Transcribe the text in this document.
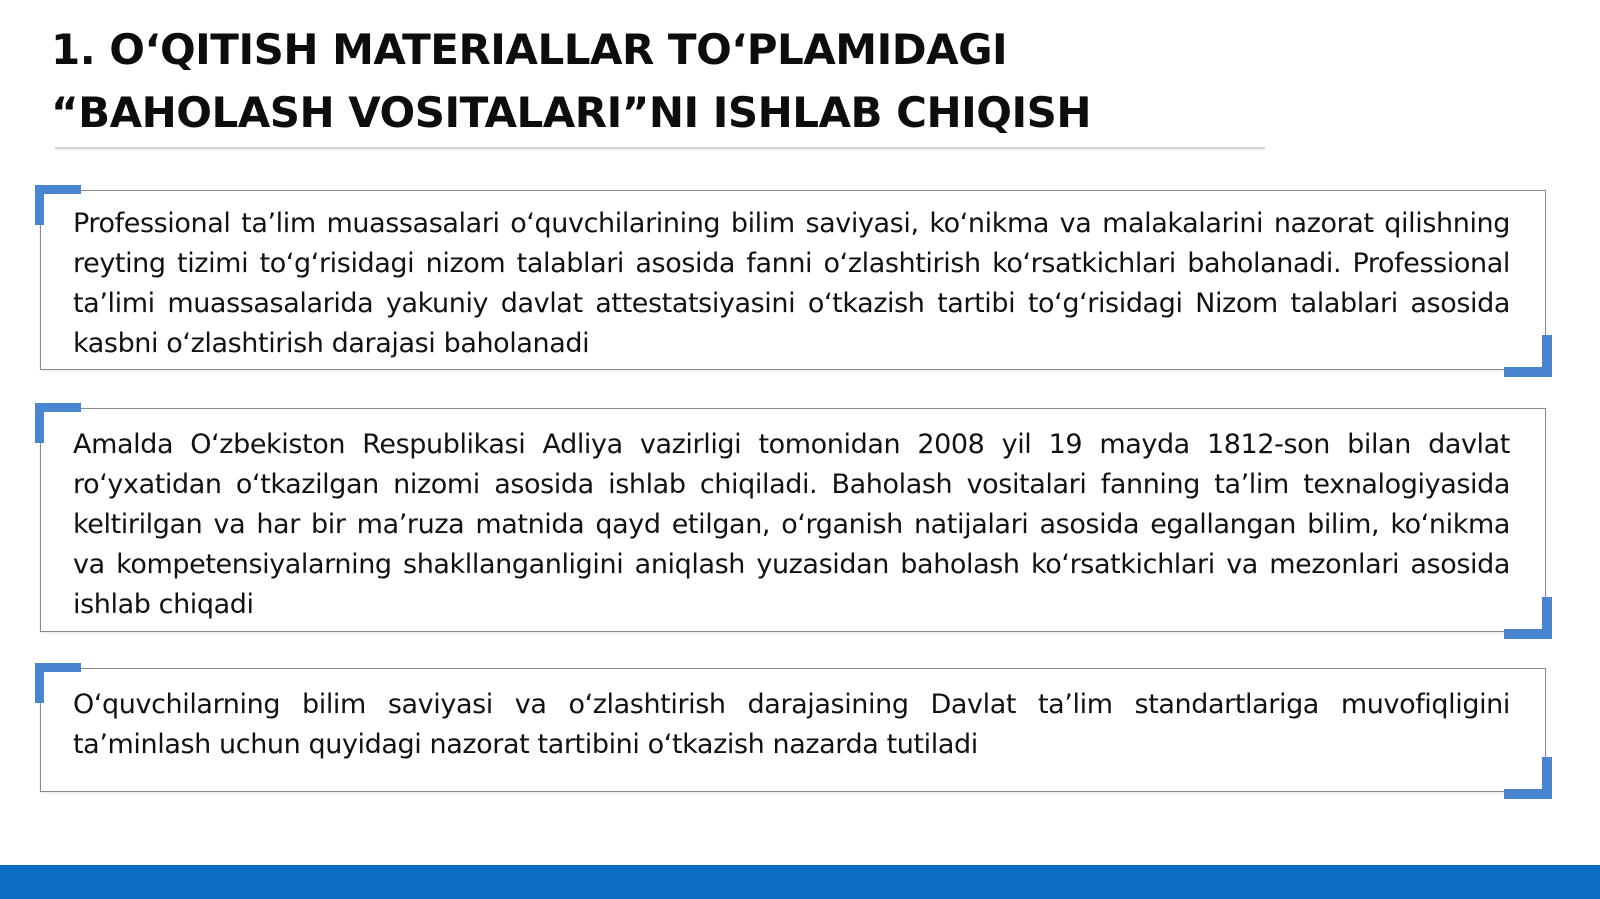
1. O‘QITISH MATERIALLAR TO‘PLAMIDAGI “BAHOLASH VOSITALARI”NI ISHLAB CHIQISH

Professional ta’lim muassasalari o‘quvchilarining bilim saviyasi, ko‘nikma va malakalarini nazorat qilishning reyting tizimi to‘g‘risidagi nizom talablari asosida fanni o‘zlashtirish ko‘rsatkichlari baholanadi. Professional ta’limi muassasalarida yakuniy davlat attestatsiyasini o‘tkazish tartibi to‘g‘risidagi Nizom talablari asosida kasbni o‘zlashtirish darajasi baholanadi

Amalda O‘zbekiston Respublikasi Adliya vazirligi tomonidan 2008 yil 19 mayda 1812-son bilan davlat ro‘yxatidan o‘tkazilgan nizomi asosida ishlab chiqiladi. Baholash vositalari fanning ta’lim texnalogiyasida keltirilgan va har bir ma’ruza matnida qayd etilgan, o‘rganish natijalari asosida egallangan bilim, ko‘nikma va kompetensiyalarning shakllanganligini aniqlash yuzasidan baholash ko‘rsatkichlari va mezonlari asosida ishlab chiqadi

O‘quvchilarning bilim saviyasi va o‘zlashtirish darajasining Davlat ta’lim standartlariga muvofiqligini ta’minlash uchun quyidagi nazorat tartibini o‘tkazish nazarda tutiladi
